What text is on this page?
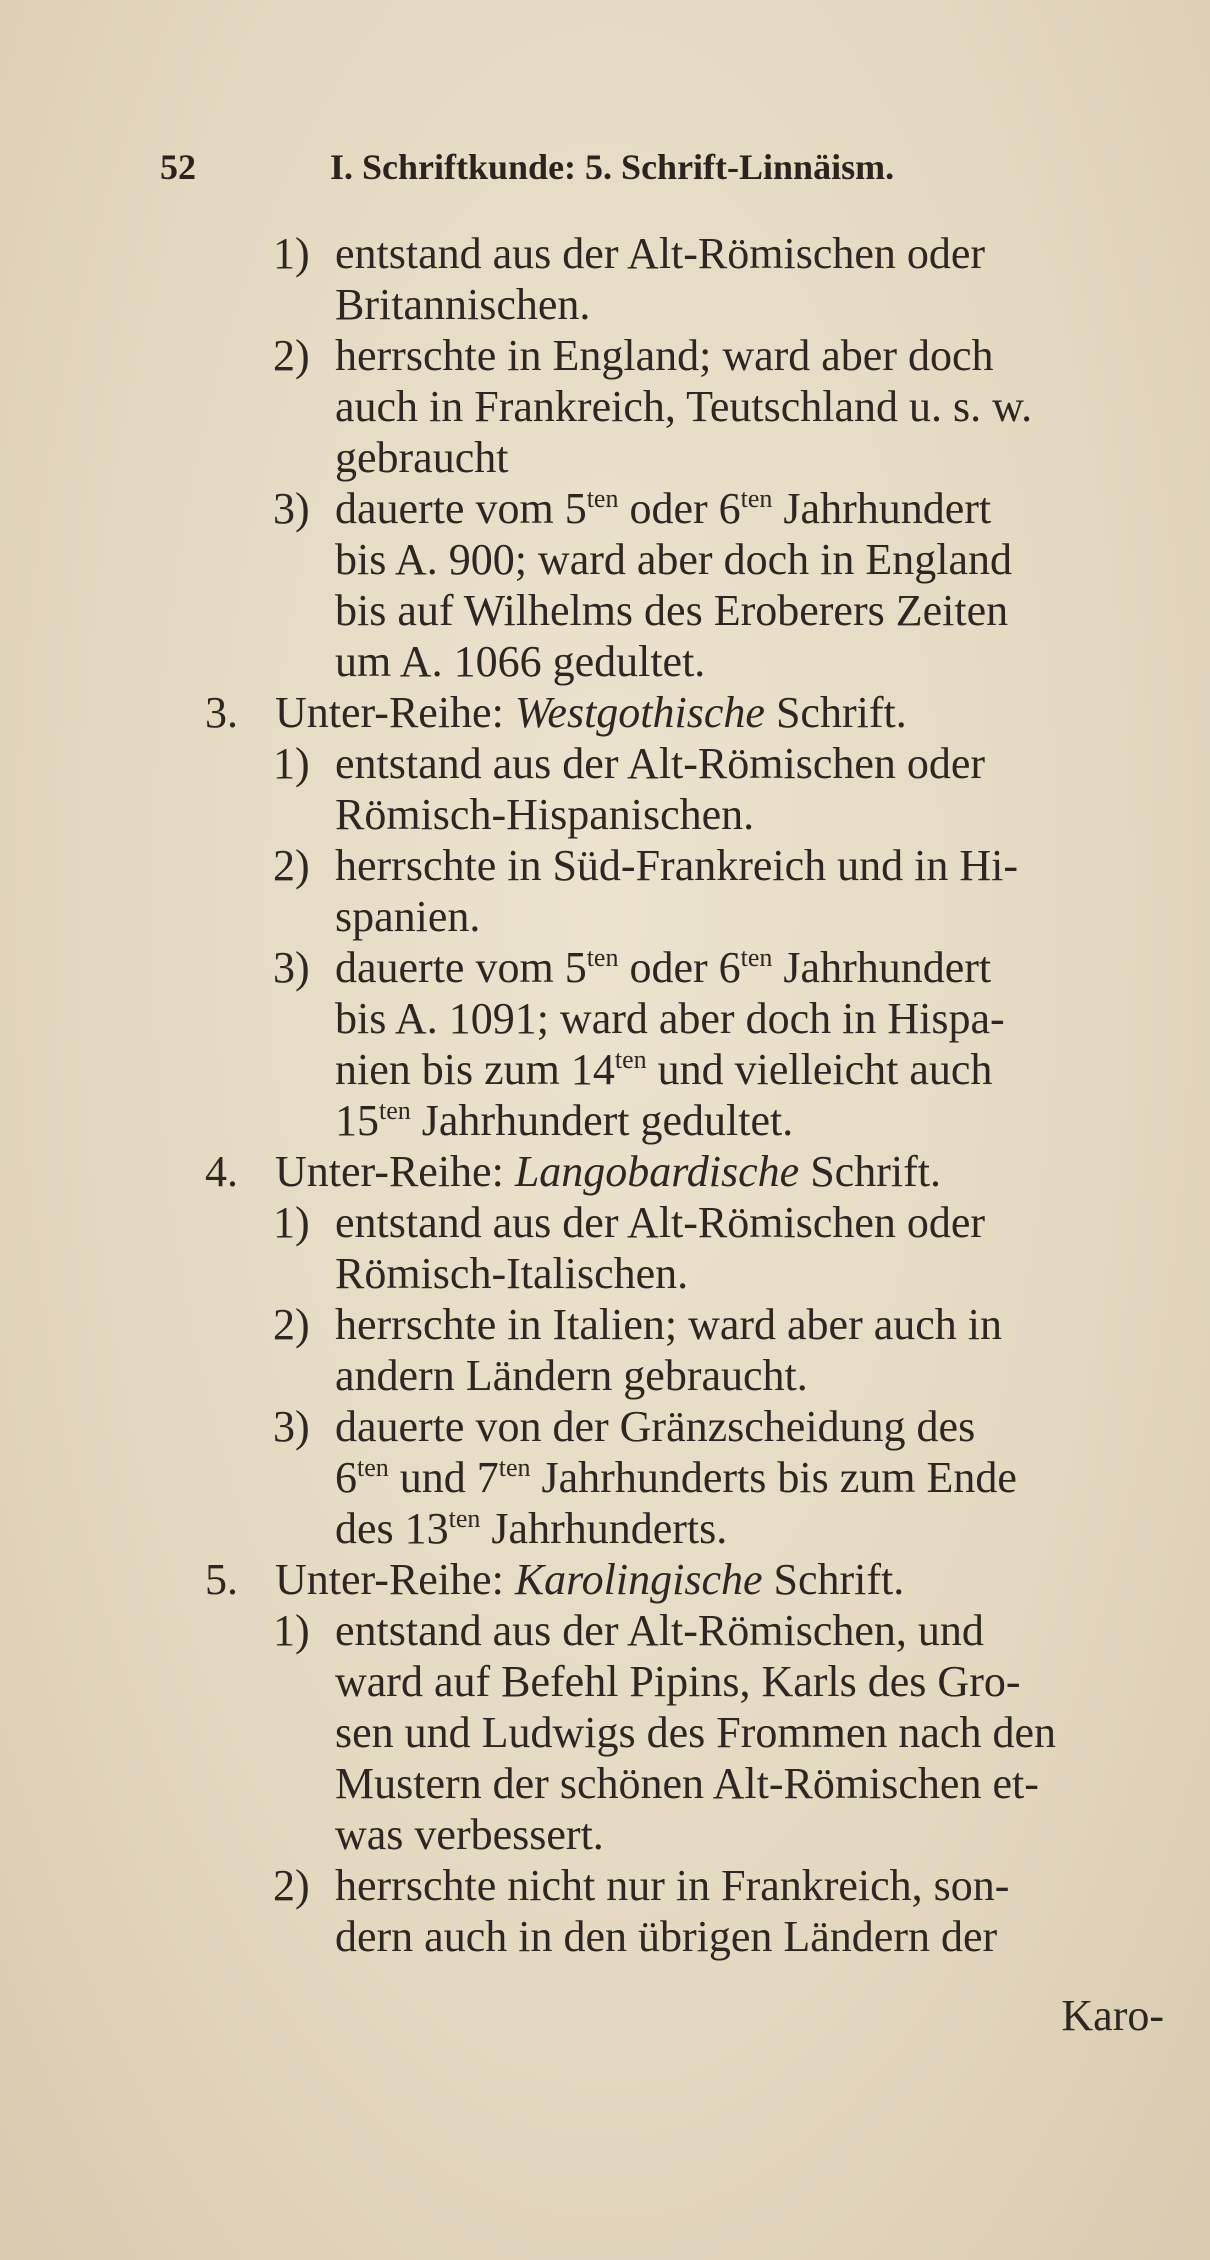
52	I. Schriftkunde: 5. Schrift-Linnäism.
1) entstand aus der Alt-Römischen oder
Britannischen.
2) herrschte in England; ward aber doch
auch in Frankreich, Teutschland u. s. w.
gebraucht
3) dauerte vom $5^{ten}$ oder $6^{ten}$ Jahrhundert
bis A. 900; ward aber doch in England
bis auf Wilhelms des Eroberers Zeiten
um A. 1066 gedultet.
3. Unter-Reihe: Westgothische Schrift.
1) entstand aus der Alt-Römischen oder
Römisch-Hispanischen.
2) herrschte in Süd-Frankreich und in Hi-
spanien.
3) dauerte vom $5^{ten}$ oder $6^{ten}$ Jahrhundert
bis A. 1091; ward aber doch in Hispa-
nien bis zum $14^{ten}$ und vielleicht auch
$15^{ten}$ Jahrhundert gedultet.
4. Unter-Reihe: Langobardische Schrift.
1) entstand aus der Alt-Römischen oder
Römisch-Italischen.
2) herrschte in Italien; ward aber auch in
andern Ländern gebraucht.
3) dauerte von der Gränzscheidung des
$6^{ten}$ und $7^{ten}$ Jahrhunderts bis zum Ende
des $13^{ten}$ Jahrhunderts.
5. Unter-Reihe: Karolingische Schrift.
1) entstand aus der Alt-Römischen, und
ward auf Befehl Pipins, Karls des Gro-
sen und Ludwigs des Frommen nach den
Mustern der schönen Alt-Römischen et-
was verbessert.
2) herrschte nicht nur in Frankreich, son-
dern auch in den übrigen Ländern der
Karo-
